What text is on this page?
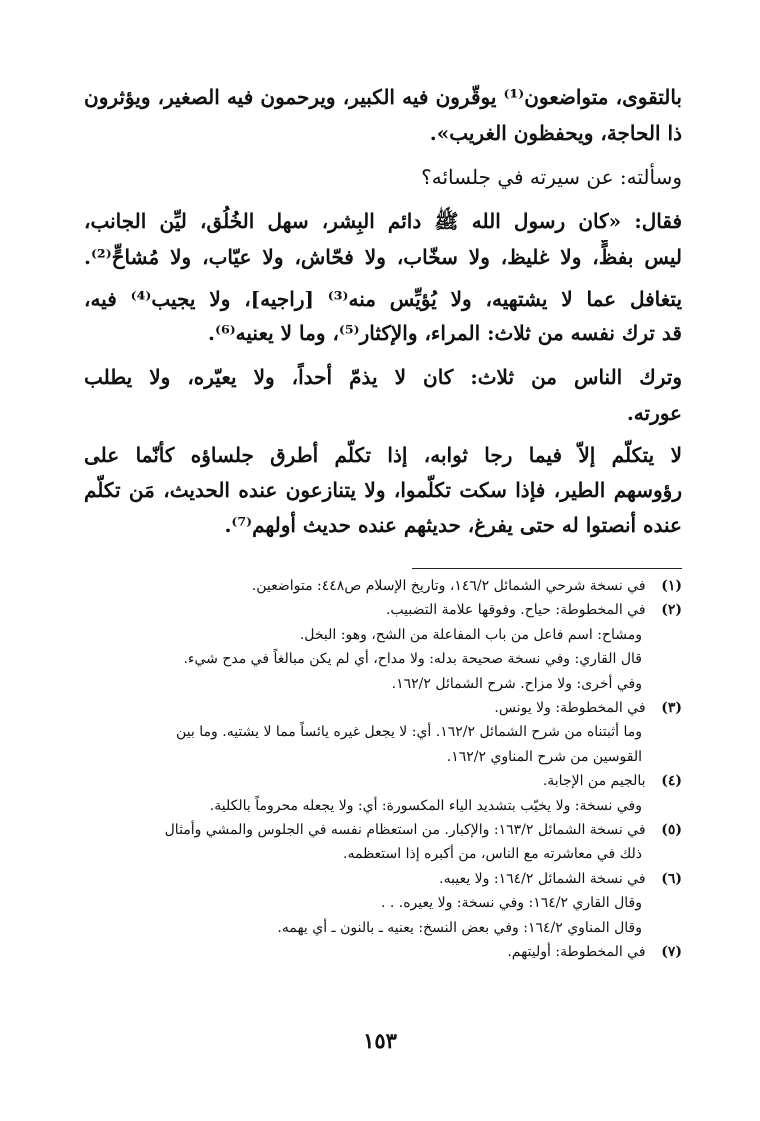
بالتقوى، متواضعون⁽¹⁾ يوقّرون فيه الكبير، ويرحمون فيه الصغير، ويؤثرون
ذا الحاجة، ويحفظون الغريب».
وسألته: عن سيرته في جلسائه؟
فقال: «كان رسول الله ﷺ دائم البِشر، سهل الخُلُق، ليِّن الجانب،
ليس بفظٍّ، ولا غليظ، ولا سخّاب، ولا فحّاش، ولا عيّاب، ولا مُشاحٍّ⁽²⁾.
يتغافل عما لا يشتهيه، ولا يُؤيِّس منه⁽³⁾ [راجيه]، ولا يجيب⁽⁴⁾ فيه،
قد ترك نفسه من ثلاث: المراء، والإكثار⁽⁵⁾، وما لا يعنيه⁽⁶⁾.
وترك الناس من ثلاث: كان لا يذمّ أحداً، ولا يعيّره، ولا يطلب
عورته.
لا يتكلّم إلاّ فيما رجا ثوابه، إذا تكلّم أطرق جلساؤه كأنّما على
رؤوسهم الطير، فإذا سكت تكلّموا، ولا يتنازعون عنده الحديث، مَن تكلّم
عنده أنصتوا له حتى يفرغ، حديثهم عنده حديث أولهم⁽⁷⁾.
١٥٣
(١) في نسخة شرحي الشمائل ١٤٦/٢، وتاريخ الإسلام ص٤٤٨: متواضعين.
(٢) في المخطوطة: حياح. وفوقها علامة التضبيب.
ومشاح: اسم فاعل من باب المفاعلة من الشح، وهو: البخل.
قال القاري: وفي نسخة صحيحة بدله: ولا مداح، أي لم يكن مبالغاً في مدح شيء.
وفي أخرى: ولا مزاح. شرح الشمائل ١٦٢/٢.
(٣) في المخطوطة: ولا يونس.
وما أثبتناه من شرح الشمائل ١٦٢/٢. أي: لا يجعل غيره يائساً مما لا يشتيه. وما بين
القوسين من شرح المناوي ١٦٢/٢.
(٤) بالجيم من الإجابة.
وفي نسخة: ولا يخيّب بتشديد الياء المكسورة: أي: ولا يجعله محروماً بالكلية.
(٥) في نسخة الشمائل ١٦٣/٢: والإكبار. من استعظام نفسه في الجلوس والمشي وأمثال
ذلك في معاشرته مع الناس، من أكبره إذا استعظمه.
(٦) في نسخة الشمائل ١٦٤/٢: ولا يعيبه.
وقال القاري ١٦٤/٢: وفي نسخة: ولا يعيره. . .
وقال المناوي ١٦٤/٢: وفي بعض النسخ: يعنيه ـ بالنون ـ أي يهمه.
(٧) في المخطوطة: أوليتهم.
